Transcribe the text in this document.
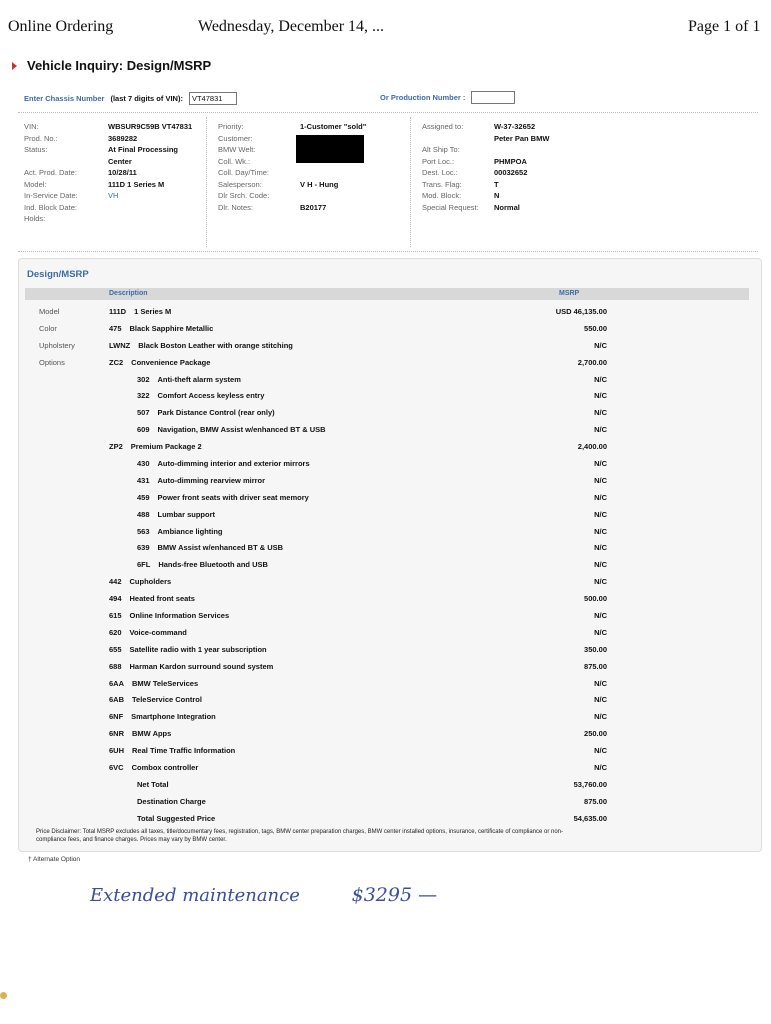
Online Ordering	Wednesday, December 14, ...	Page 1 of 1
Vehicle Inquiry: Design/MSRP
Enter Chassis Number (last 7 digits of VIN):	VT47831	Or Production Number :
VIN:	WBSUR9C59B VT47831
Prod. No.:	3689282
Status:	At Final Processing
Center
Act. Prod. Date:	10/28/11
Model:	111D 1 Series M
In-Service Date:	VH
Ind. Block Date:
Holds:
Priority:	1-Customer "sold"
Customer:
BMW Welt:
Coll. Wk.:
Coll. Day/Time:
Salesperson:	V H - Hung
Dlr Srch. Code:
Dlr. Notes:	B20177
Assigned to:	W-37-32652
Peter Pan BMW
Alt Ship To:
Port Loc.:	PHMPOA
Dest. Loc.:	00032652
Trans. Flag:	T
Mod. Block:	N
Special Request:	Normal
Design/MSRP
Description	MSRP
Model	111D 1 Series M	USD 46,135.00
Color	475 Black Sapphire Metallic	550.00
Upholstery	LWNZ Black Boston Leather with orange stitching	N/C
Options	ZC2 Convenience Package	2,700.00
302 Anti-theft alarm system	N/C
322 Comfort Access keyless entry	N/C
507 Park Distance Control (rear only)	N/C
609 Navigation, BMW Assist w/enhanced BT & USB	N/C
ZP2 Premium Package 2	2,400.00
430 Auto-dimming interior and exterior mirrors	N/C
431 Auto-dimming rearview mirror	N/C
459 Power front seats with driver seat memory	N/C
488 Lumbar support	N/C
563 Ambiance lighting	N/C
639 BMW Assist w/enhanced BT & USB	N/C
6FL Hands-free Bluetooth and USB	N/C
442 Cupholders	N/C
494 Heated front seats	500.00
615 Online Information Services	N/C
620 Voice-command	N/C
655 Satellite radio with 1 year subscription	350.00
688 Harman Kardon surround sound system	875.00
6AA BMW TeleServices	N/C
6AB TeleService Control	N/C
6NF Smartphone Integration	N/C
6NR BMW Apps	250.00
6UH Real Time Traffic Information	N/C
6VC Combox controller	N/C
Net Total	53,760.00
Destination Charge	875.00
Total Suggested Price	54,635.00
Price Disclaimer: Total MSRP excludes all taxes, title/documentary fees, registration, tags, BMW center preparation charges, BMW center installed options, insurance, certificate of compliance or non-compliance fees, and finance charges. Prices may vary by BMW center.
† Alternate Option
Extended maintenance	$3295 —
